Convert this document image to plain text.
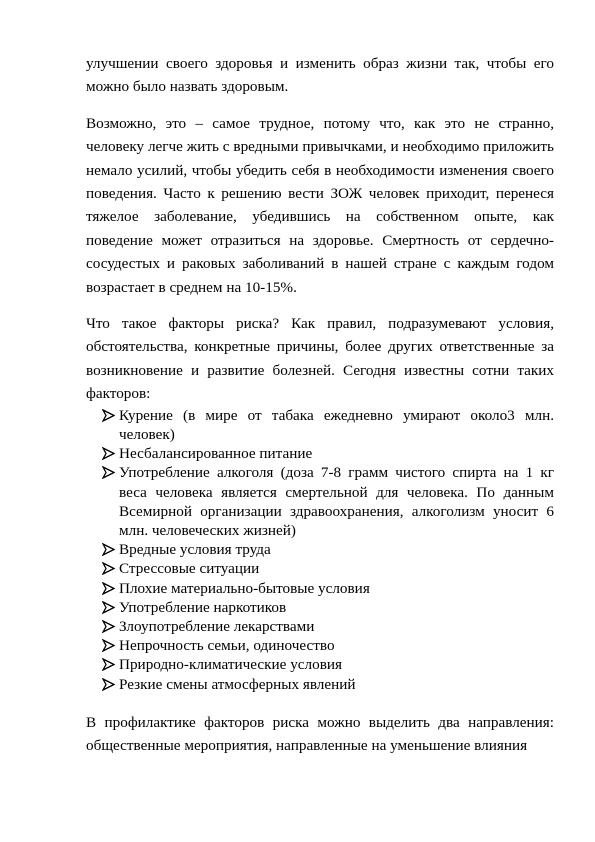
улучшении своего здоровья и изменить образ жизни так, чтобы его можно было назвать здоровым.

Возможно, это – самое трудное, потому что, как это не странно, человеку легче жить с вредными привычками, и необходимо приложить немало усилий, чтобы убедить себя в необходимости изменения своего поведения. Часто к решению вести ЗОЖ человек приходит, перенеся тяжелое заболевание, убедившись на собственном опыте, как поведение может отразиться на здоровье. Смертность от сердечно-сосудестых и раковых заболиваний в нашей стране с каждым годом возрастает в среднем на 10-15%.

Что такое факторы риска? Как правил, подразумевают условия, обстоятельства, конкретные причины, более других ответственные за возникновение и развитие болезней. Сегодня известны сотни таких факторов:

Курение (в мире от табака ежедневно умирают около3 млн. человек)
Несбалансированное питание
Употребление алкоголя (доза 7-8 грамм чистого спирта на 1 кг веса человека является смертельной для человека. По данным Всемирной организации здравоохранения, алкоголизм уносит 6 млн. человеческих жизней)
Вредные условия труда
Стрессовые ситуации
Плохие материально-бытовые условия
Употребление наркотиков
Злоупотребление лекарствами
Непрочность семьи, одиночество
Природно-климатические условия
Резкие смены атмосферных явлений

В профилактике факторов риска можно выделить два направления: общественные мероприятия, направленные на уменьшение влияния
